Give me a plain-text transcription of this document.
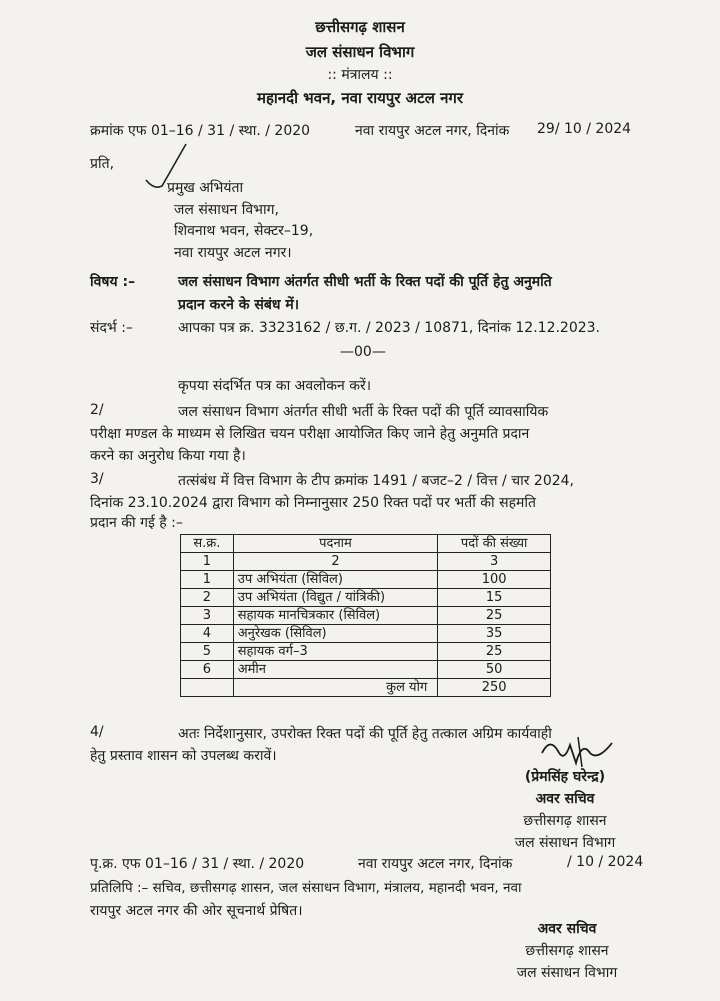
छत्तीसगढ़ शासन
जल संसाधन विभाग
:: मंत्रालय ::
महानदी भवन, नवा रायपुर अटल नगर
क्रमांक एफ 01–16 / 31 / स्था. / 2020	नवा रायपुर अटल नगर, दिनांक 29/ 10 / 2024
प्रति,
प्रमुख अभियंता
जल संसाधन विभाग,
शिवनाथ भवन, सेक्टर–19,
नवा रायपुर अटल नगर।
विषय :–	जल संसाधन विभाग अंतर्गत सीधी भर्ती के रिक्त पदों की पूर्ति हेतु अनुमति
प्रदान करने के संबंध में।
संदर्भ :–	आपका पत्र क्र. 3323162 / छ.ग. / 2023 / 10871, दिनांक 12.12.2023.
—00—
कृपया संदर्भित पत्र का अवलोकन करें।
2/	जल संसाधन विभाग अंतर्गत सीधी भर्ती के रिक्त पदों की पूर्ति व्यावसायिक
परीक्षा मण्डल के माध्यम से लिखित चयन परीक्षा आयोजित किए जाने हेतु अनुमति प्रदान
करने का अनुरोध किया गया है।
3/	तत्संबंध में वित्त विभाग के टीप क्रमांक 1491 / बजट–2 / वित्त / चार 2024,
दिनांक 23.10.2024 द्वारा विभाग को निम्नानुसार 250 रिक्त पदों पर भर्ती की सहमति
प्रदान की गई है :–
स.क्र.	पदनाम	पदों की संख्या
1	2	3
1	उप अभियंता (सिविल)	100
2	उप अभियंता (विद्युत / यांत्रिकी)	15
3	सहायक मानचित्रकार (सिविल)	25
4	अनुरेखक (सिविल)	35
5	सहायक वर्ग–3	25
6	अमीन	50
	कुल योग	250
4/	अतः निर्देशानुसार, उपरोक्त रिक्त पदों की पूर्ति हेतु तत्काल अग्रिम कार्यवाही
हेतु प्रस्ताव शासन को उपलब्ध करावें।
(प्रेमसिंह घरेन्द्र)
अवर सचिव
छत्तीसगढ़ शासन
जल संसाधन विभाग
पृ.क्र. एफ 01–16 / 31 / स्था. / 2020	नवा रायपुर अटल नगर, दिनांक	/ 10 / 2024
प्रतिलिपि :– सचिव, छत्तीसगढ़ शासन, जल संसाधन विभाग, मंत्रालय, महानदी भवन, नवा
रायपुर अटल नगर की ओर सूचनार्थ प्रेषित।
अवर सचिव
छत्तीसगढ़ शासन
जल संसाधन विभाग
